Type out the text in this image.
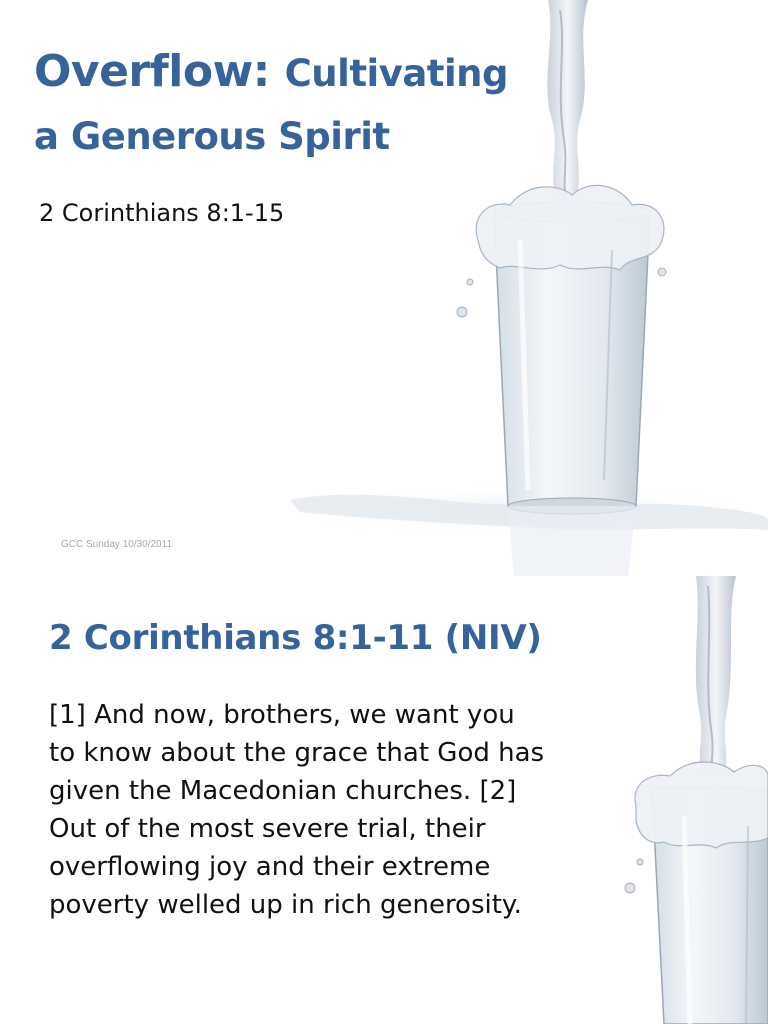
Overflow: Cultivating
a Generous Spirit
2 Corinthians 8:1-15
GCC Sunday 10/30/2011
2 Corinthians 8:1-11 (NIV)
[1] And now, brothers, we want you
to know about the grace that God has
given the Macedonian churches. [2]
Out of the most severe trial, their
overflowing joy and their extreme
poverty welled up in rich generosity.
